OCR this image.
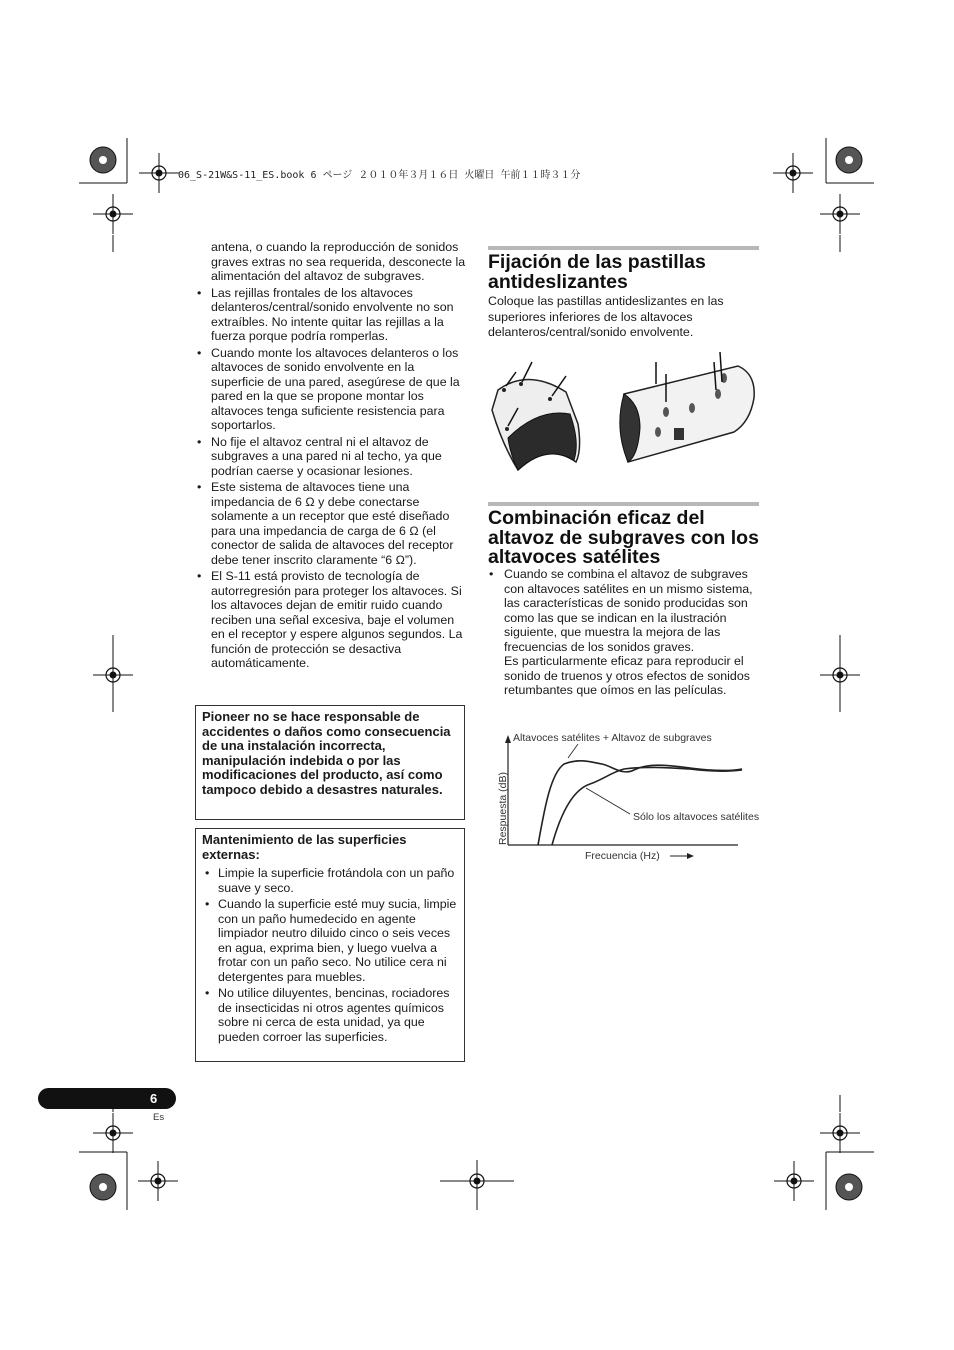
06_S-21W&S-11_ES.book 6 ページ ２０１０年３月１６日 火曜日 午前１１時３１分
antena, o cuando la reproducción de sonidos graves extras no sea requerida, desconecte la alimentación del altavoz de subgraves.
• Las rejillas frontales de los altavoces delanteros/central/sonido envolvente no son extraíbles. No intente quitar las rejillas a la fuerza porque podría romperlas.
• Cuando monte los altavoces delanteros o los altavoces de sonido envolvente en la superficie de una pared, asegúrese de que la pared en la que se propone montar los altavoces tenga suficiente resistencia para soportarlos.
• No fije el altavoz central ni el altavoz de subgraves a una pared ni al techo, ya que podrían caerse y ocasionar lesiones.
• Este sistema de altavoces tiene una impedancia de 6 Ω y debe conectarse solamente a un receptor que esté diseñado para una impedancia de carga de 6 Ω (el conector de salida de altavoces del receptor debe tener inscrito claramente “6 Ω”).
• El S-11 está provisto de tecnología de autorregresión para proteger los altavoces. Si los altavoces dejan de emitir ruido cuando reciben una señal excesiva, baje el volumen en el receptor y espere algunos segundos. La función de protección se desactiva automáticamente.
Pioneer no se hace responsable de accidentes o daños como consecuencia de una instalación incorrecta, manipulación indebida o por las modificaciones del producto, así como tampoco debido a desastres naturales.
Mantenimiento de las superficies externas:
• Limpie la superficie frotándola con un paño suave y seco.
• Cuando la superficie esté muy sucia, limpie con un paño humedecido en agente limpiador neutro diluido cinco o seis veces en agua, exprima bien, y luego vuelva a frotar con un paño seco. No utilice cera ni detergentes para muebles.
• No utilice diluyentes, bencinas, rociadores de insecticidas ni otros agentes químicos sobre ni cerca de esta unidad, ya que pueden corroer las superficies.
Fijación de las pastillas antideslizantes
Coloque las pastillas antideslizantes en las superiores inferiores de los altavoces delanteros/central/sonido envolvente.
Combinación eficaz del altavoz de subgraves con los altavoces satélites
• Cuando se combina el altavoz de subgraves con altavoces satélites en un mismo sistema, las características de sonido producidas son como las que se indican en la ilustración siguiente, que muestra la mejora de las frecuencias de los sonidos graves.
Es particularmente eficaz para reproducir el sonido de truenos y otros efectos de sonidos retumbantes que oímos en las películas.
Altavoces satélites + Altavoz de subgraves
Sólo los altavoces satélites
Frecuencia (Hz)
Respuesta (dB)
6
Es
